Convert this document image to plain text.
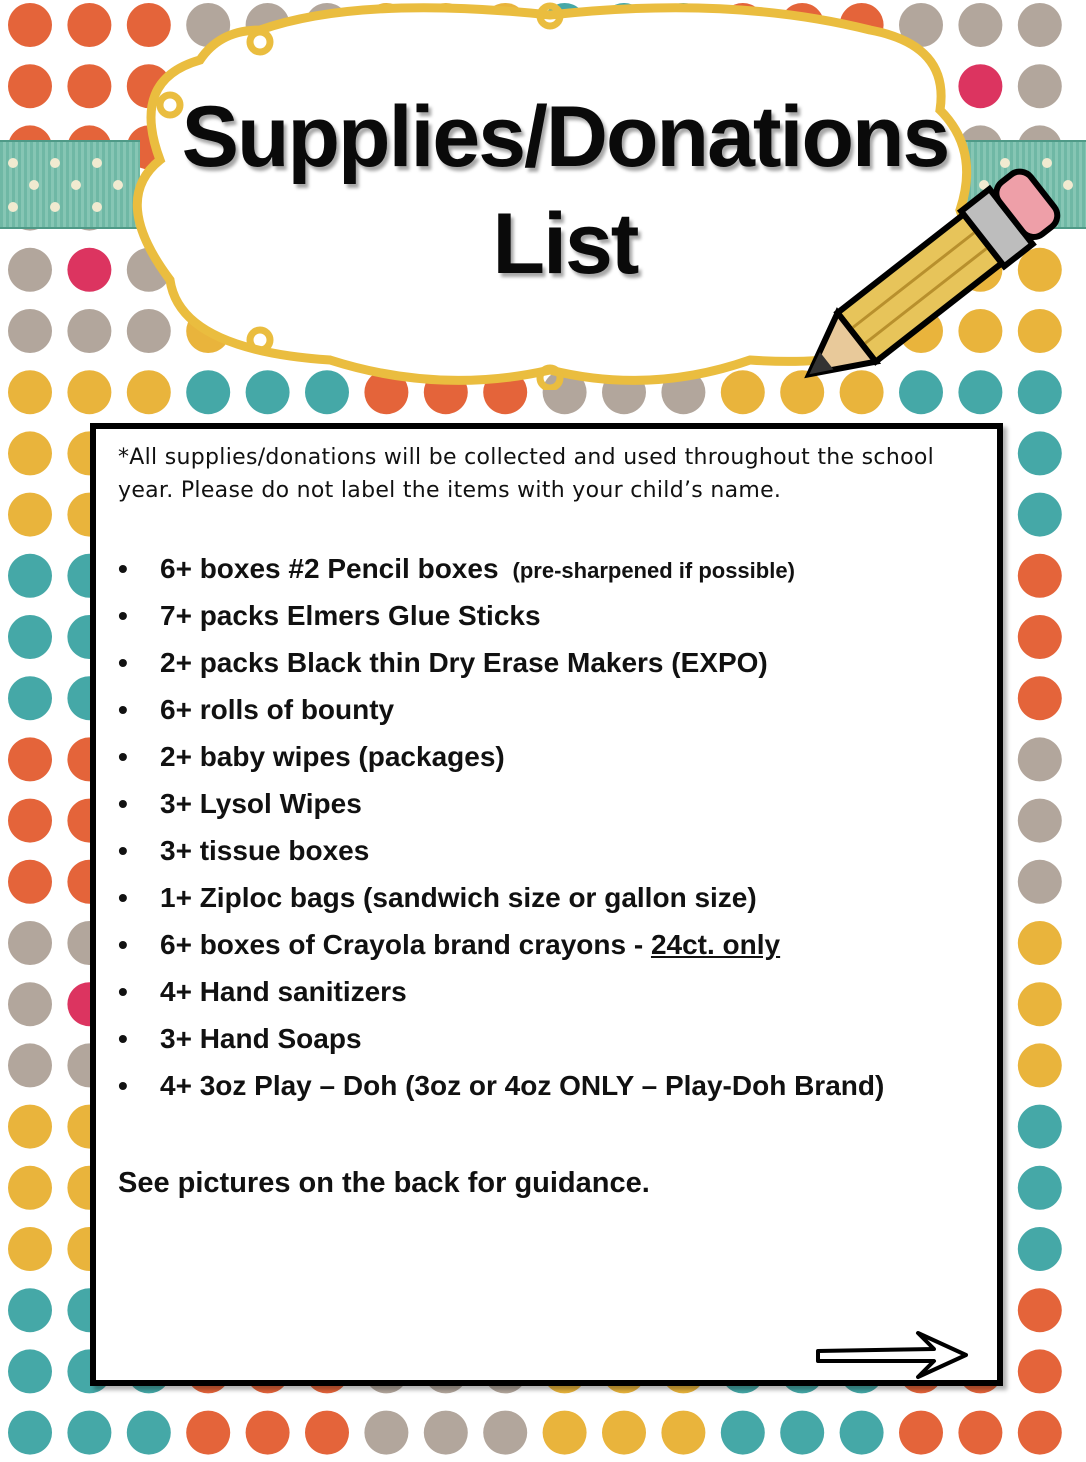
Supplies/Donations
List
*All supplies/donations will be collected and used throughout the school year. Please do not label the items with your child’s name.
• 6+ boxes #2 Pencil boxes (pre-sharpened if possible)
• 7+ packs Elmers Glue Sticks
• 2+ packs Black thin Dry Erase Makers (EXPO)
• 6+ rolls of bounty
• 2+ baby wipes (packages)
• 3+ Lysol Wipes
• 3+ tissue boxes
• 1+ Ziploc bags (sandwich size or gallon size)
• 6+ boxes of Crayola brand crayons - 24ct. only
• 4+ Hand sanitizers
• 3+ Hand Soaps
• 4+ 3oz Play – Doh (3oz or 4oz ONLY – Play-Doh Brand)
See pictures on the back for guidance.
